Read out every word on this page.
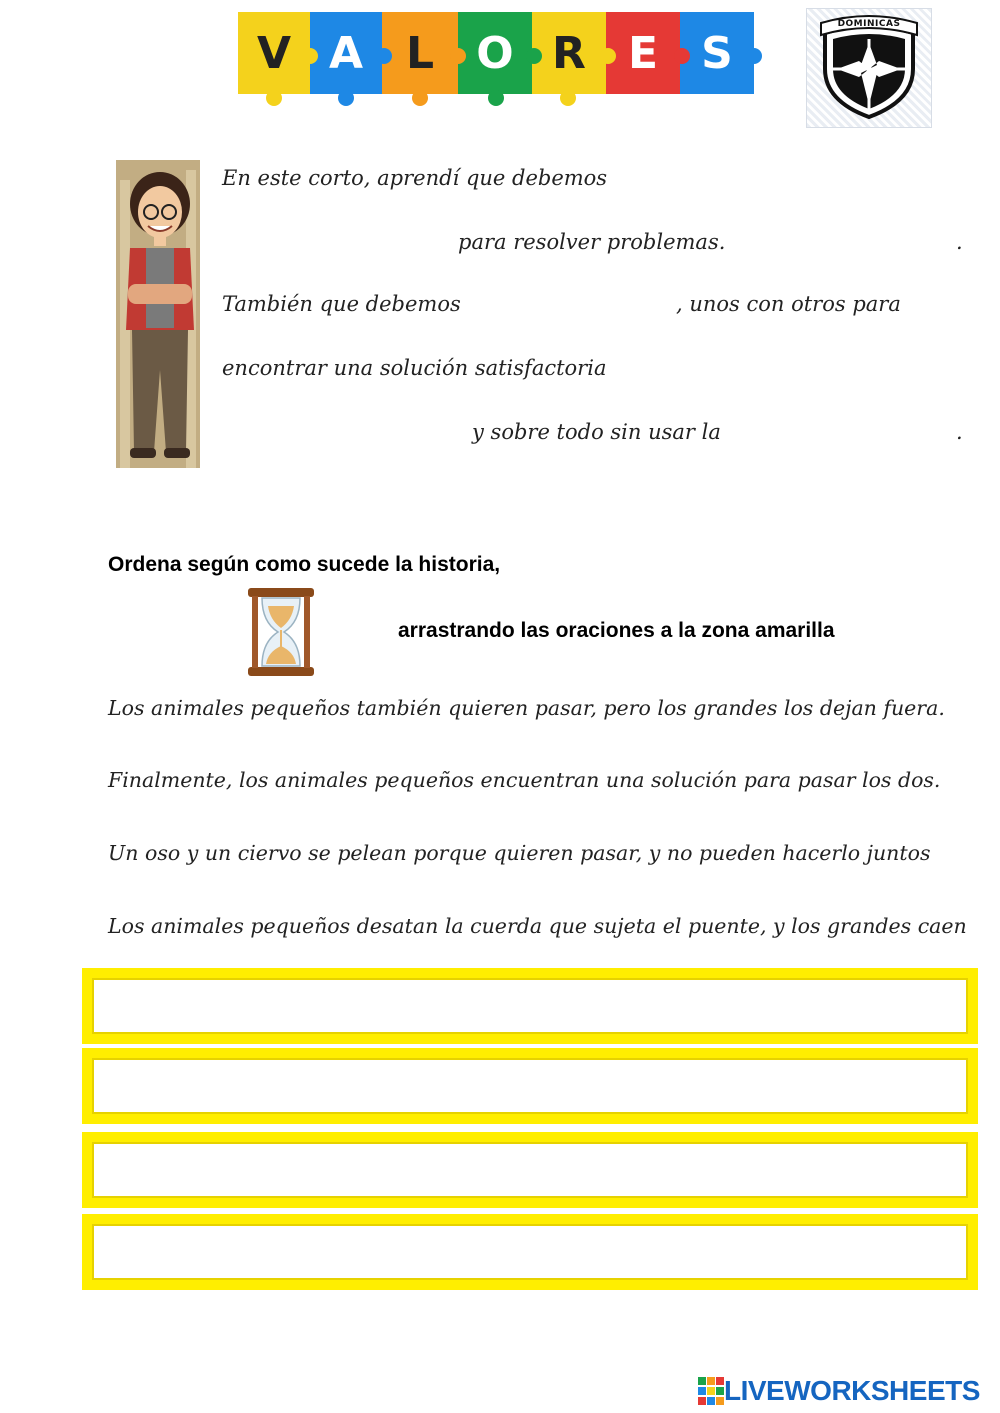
V A L O R E S
DOMINICAS
En este corto, aprendí que debemos
para resolver problemas.	.
También que debemos	, unos con otros para
encontrar una solución satisfactoria
y sobre todo sin usar la	.
Ordena según como sucede la historia,
arrastrando las oraciones a la zona amarilla
Los animales pequeños también quieren pasar, pero los grandes los dejan fuera.
Finalmente, los animales pequeños encuentran una solución para pasar los dos.
Un oso y un ciervo se pelean porque quieren pasar, y no pueden hacerlo juntos
Los animales pequeños desatan la cuerda que sujeta el puente, y los grandes caen
LIVEWORKSHEETS
